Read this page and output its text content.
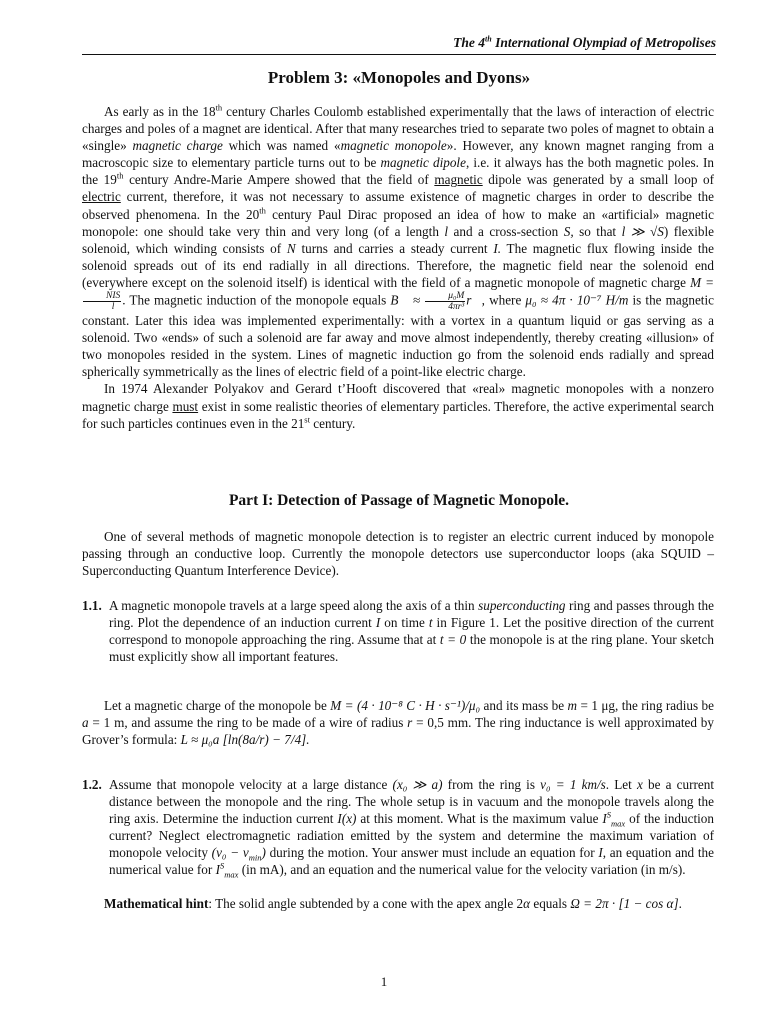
The 4th International Olympiad of Metropolises
Problem 3: «Monopoles and Dyons»

As early as in the 18th century Charles Coulomb established experimentally that the laws of interaction of electric charges and poles of a magnet are identical. After that many researches tried to separate two poles of magnet to obtain a «single» magnetic charge which was named «magnetic monopole». However, any known magnet ranging from a macroscopic size to elementary particle turns out to be magnetic dipole, i.e. it always has the both magnetic poles. In the 19th century Andre-Marie Ampere showed that the field of magnetic dipole was generated by a small loop of electric current, therefore, it was not necessary to assume existence of magnetic charges in order to describe the observed phenomena. In the 20th century Paul Dirac proposed an idea of how to make an «artificial» magnetic monopole: one should take very thin and very long (of a length l and a cross-section S, so that l ≫ √S) flexible solenoid, which winding consists of N turns and carries a steady current I. The magnetic flux flowing inside the solenoid spreads out of its end radially in all directions. Therefore, the magnetic field near the solenoid end (everywhere except on the solenoid itself) is identical with the field of a magnetic monopole of magnetic charge M =
$\frac{\text{NIS}}{l}$ . The magnetic induction of the monopole equals B⃗ ≈ $\frac{\text{μ₀M}}{\text{4πr³}}$ r⃗, where μ₀ ≈ 4π · 10⁻⁷ H/m is the magnetic constant. Later this idea was implemented experimentally: with a vortex in a quantum liquid or gas serving as a solenoid. Two «ends» of such a solenoid are far away and move almost independently, thereby creating «illusion» of two monopoles resided in the system. Lines of magnetic induction go from the solenoid ends radially and spread spherically symmetrically as the lines of electric field of a point-like electric charge.

In 1974 Alexander Polyakov and Gerard t’Hooft discovered that «real» magnetic monopoles with a nonzero magnetic charge must exist in some realistic theories of elementary particles. Therefore, the active experimental search for such particles continues even in the 21st century.

Part I: Detection of Passage of Magnetic Monopole.

One of several methods of magnetic monopole detection is to register an electric current induced by monopole passing through an conductive loop. Currently the monopole detectors use superconductor loops (aka SQUID – Superconducting Quantum Interference Device).

1.1. A magnetic monopole travels at a large speed along the axis of a thin superconducting ring and passes through the ring. Plot the dependence of an induction current I on time t in Figure 1. Let the positive direction of the current correspond to monopole approaching the ring. Assume that at t = 0 the monopole is at the ring plane. Your sketch must explicitly show all important features.

Let a magnetic charge of the monopole be M = (4 · 10⁻⁸ C · H · s⁻¹)/μ₀ and its mass be m = 1 μg, the ring radius be a = 1 m, and assume the ring to be made of a wire of radius r = 0,5 mm. The ring inductance is well approximated by Grover’s formula: L ≈ μ₀a [ln(8a/r) − 7/4].

1.2. Assume that monopole velocity at a large distance (x₀ ≫ a) from the ring is v₀ = 1 km/s. Let x be a current distance between the monopole and the ring. The whole setup is in vacuum and the monopole travels along the ring axis. Determine the induction current I(x) at this moment. What is the maximum value $I^S_{max}$ of the induction current? Neglect electromagnetic radiation emitted by the system and determine the maximum variation of monopole velocity $(v_0 - v_{min})$ during the motion. Your answer must include an equation for I, an equation and the numerical value for $I^S_{max}$ (in mA), and an equation and the numerical value for the velocity variation (in m/s).

Mathematical hint: The solid angle subtended by a cone with the apex angle 2α equals Ω = 2π · [1 − cos α].

1
